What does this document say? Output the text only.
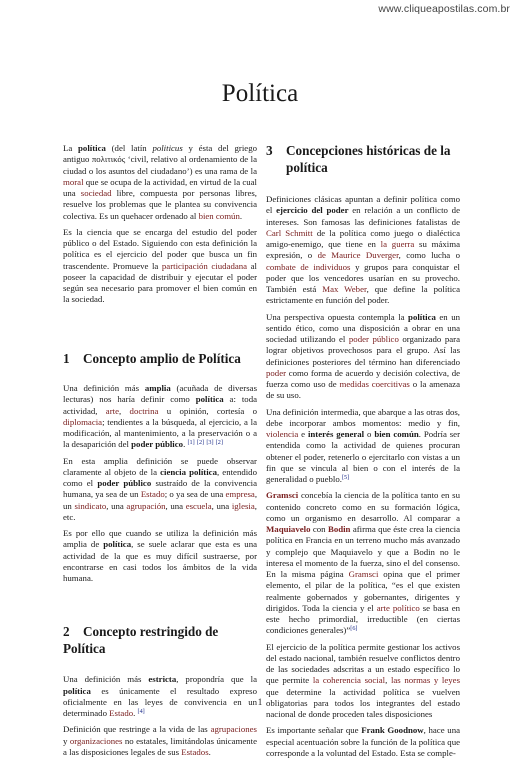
www.cliqueapostilas.com.br
Política

La política (del latín politicus y ésta del griego antiguo πολιτικός ‘civil, relativo al ordenamiento de la ciudad o los asuntos del ciudadano’) es una rama de la moral que se ocupa de la actividad, en virtud de la cual una sociedad libre, compuesta por personas libres, resuelve los problemas que le plantea su convivencia colectiva. Es un quehacer ordenado al bien común.

Es la ciencia que se encarga del estudio del poder público o del Estado. Siguiendo con esta definición la política es el ejercicio del poder que busca un fin trascendente. Promueve la participación ciudadana al poseer la capacidad de distribuir y ejecutar el poder según sea necesario para promover el bien común en la sociedad.

1 Concepto amplio de Política

Una definición más amplia (acuñada de diversas lecturas) nos haría definir como política a: toda actividad, arte, doctrina u opinión, cortesía o diplomacia; tendientes a la búsqueda, al ejercicio, a la modificación, al mantenimiento, a la preservación o a la desaparición del poder público. [1] [2] [3] [2]

En esta amplia definición se puede observar claramente al objeto de la ciencia política, entendido como el poder público sustraído de la convivencia humana, ya sea de un Estado; o ya sea de una empresa, un sindicato, una agrupación, una escuela, una iglesia, etc.

Es por ello que cuando se utiliza la definición más amplia de política, se suele aclarar que esta es una actividad de la que es muy difícil sustraerse, por encontrarse en casi todos los ámbitos de la vida humana.

2 Concepto restringido de Política

Una definición más estricta, propondría que la política es únicamente el resultado expreso oficialmente en las leyes de convivencia en un determinado Estado. [4]

Definición que restringe a la vida de las agrupaciones y organizaciones no estatales, limitándolas únicamente a las disposiciones legales de sus Estados.

3	Concepciones históricas de la política

Definiciones clásicas apuntan a definir política como el ejercicio del poder en relación a un conflicto de intereses. Son famosas las definiciones fatalistas de Carl Schmitt de la política como juego o dialéctica amigo-enemigo, que tiene en la guerra su máxima expresión, o de Maurice Duverger, como lucha o combate de individuos y grupos para conquistar el poder que los vencedores usarían en su provecho. También está Max Weber, que define la política estrictamente en función del poder.

Una perspectiva opuesta contempla la política en un sentido ético, como una disposición a obrar en una sociedad utilizando el poder público organizado para lograr objetivos provechosos para el grupo. Así las definiciones posteriores del término han diferenciado poder como forma de acuerdo y decisión colectiva, de fuerza como uso de medidas coercitivas o la amenaza de su uso.

Una definición intermedia, que abarque a las otras dos, debe incorporar ambos momentos: medio y fin, violencia e interés general o bien común. Podría ser entendida como la actividad de quienes procuran obtener el poder, retenerlo o ejercitarlo con vistas a un fin que se vincula al bien o con el interés de la generalidad o pueblo.[5]

Gramsci concebía la ciencia de la política tanto en su contenido concreto como en su formación lógica, como un organismo en desarrollo. Al comparar a Maquiavelo con Bodin afirma que éste crea la ciencia política en Francia en un terreno mucho más avanzado y complejo que Maquiavelo y que a Bodin no le interesa el momento de la fuerza, sino el del consenso. En la misma página Gramsci opina que el primer elemento, el pilar de la política, “es el que existen realmente gobernados y gobernantes, dirigentes y dirigidos. Toda la ciencia y el arte político se basa en este hecho primordial, irreductible (en ciertas condiciones generales)”[6]

El ejercicio de la política permite gestionar los activos del estado nacional, también resuelve conflictos dentro de las sociedades adscritas a un estado específico lo que permite la coherencia social, las normas y leyes que determine la actividad política se vuelven obligatorias para todos los integrantes del estado nacional de donde proceden tales disposiciones

Es importante señalar que Frank Goodnow, hace una especial acentuación sobre la función de la política que corresponde a la voluntad del Estado. Esta se comple-

1
